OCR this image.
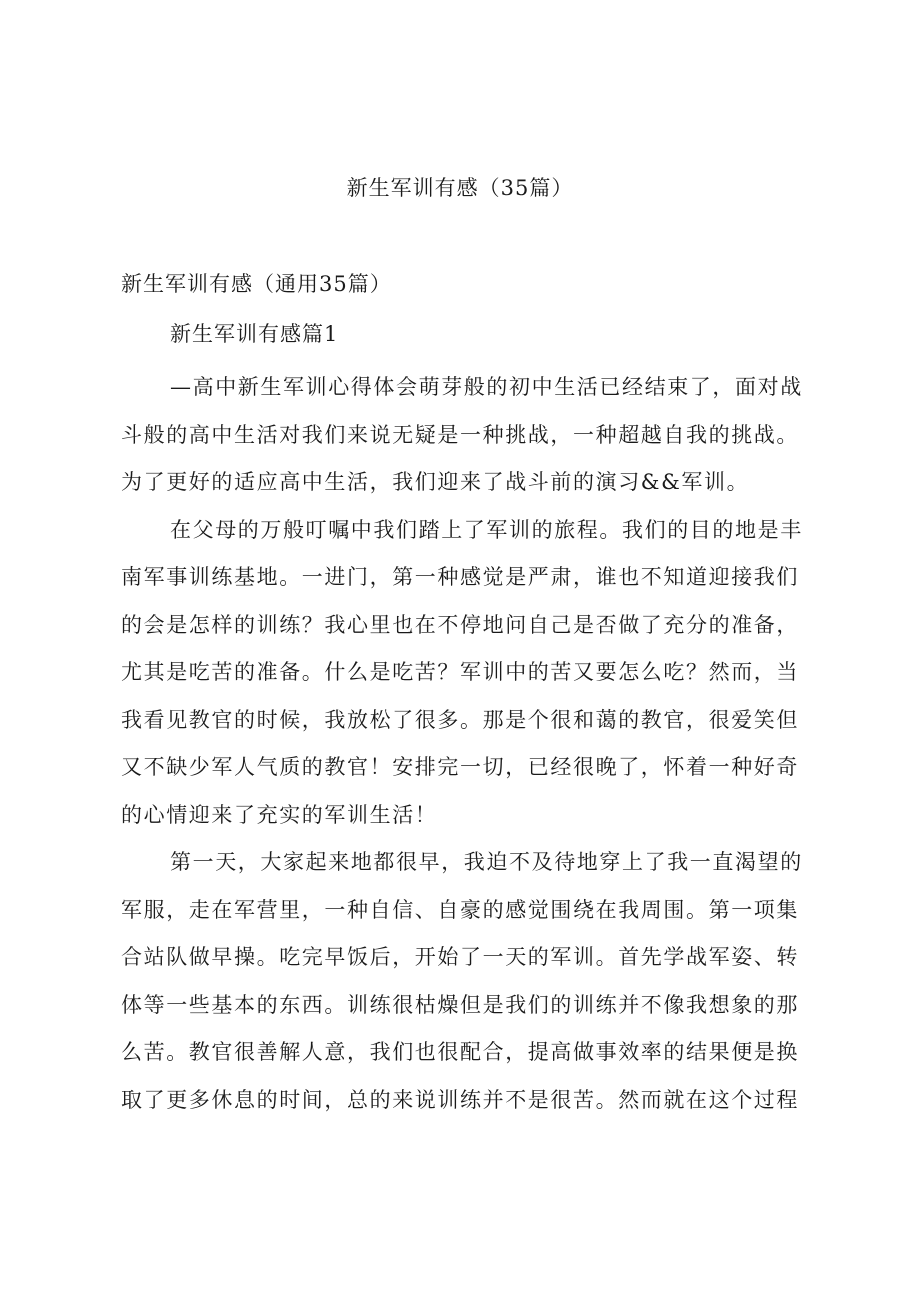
新生军训有感（35篇）
新生军训有感（通用35篇）
新生军训有感篇1

—高中新生军训心得体会萌芽般的初中生活已经结束了，面对战
斗般的高中生活对我们来说无疑是一种挑战，一种超越自我的挑战。
为了更好的适应高中生活，我们迎来了战斗前的演习&&军训。

在父母的万般叮嘱中我们踏上了军训的旅程。我们的目的地是丰
南军事训练基地。一进门，第一种感觉是严肃，谁也不知道迎接我们
的会是怎样的训练？我心里也在不停地问自己是否做了充分的准备，
尤其是吃苦的准备。什么是吃苦？军训中的苦又要怎么吃？然而，当
我看见教官的时候，我放松了很多。那是个很和蔼的教官，很爱笑但
又不缺少军人气质的教官！安排完一切，已经很晚了，怀着一种好奇
的心情迎来了充实的军训生活！

第一天，大家起来地都很早，我迫不及待地穿上了我一直渴望的
军服，走在军营里，一种自信、自豪的感觉围绕在我周围。第一项集
合站队做早操。吃完早饭后，开始了一天的军训。首先学战军姿、转
体等一些基本的东西。训练很枯燥但是我们的训练并不像我想象的那
么苦。教官很善解人意，我们也很配合，提高做事效率的结果便是换
取了更多休息的时间，总的来说训练并不是很苦。然而就在这个过程
